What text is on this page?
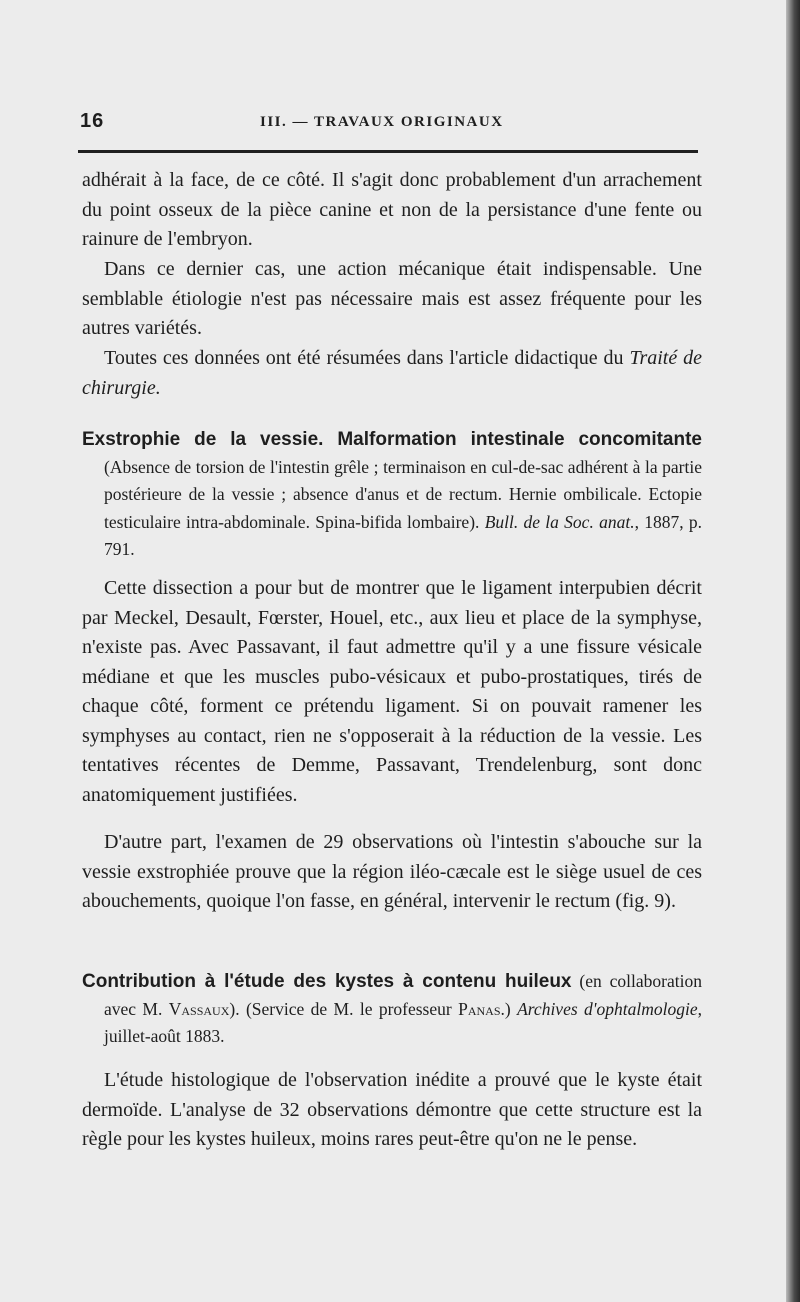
16	III. — TRAVAUX ORIGINAUX

adhérait à la face, de ce côté. Il s'agit donc probablement d'un arrachement du point osseux de la pièce canine et non de la persistance d'une fente ou rainure de l'embryon.

Dans ce dernier cas, une action mécanique était indispensable. Une semblable étiologie n'est pas nécessaire mais est assez fréquente pour les autres variétés.

Toutes ces données ont été résumées dans l'article didactique du Traité de chirurgie.

Exstrophie de la vessie. Malformation intestinale concomitante (Absence de torsion de l'intestin grêle ; terminaison en cul-de-sac adhérent à la partie postérieure de la vessie ; absence d'anus et de rectum. Hernie ombilicale. Ectopie testiculaire intra-abdominale. Spina-bifida lombaire). Bull. de la Soc. anat., 1887, p. 791.

Cette dissection a pour but de montrer que le ligament interpubien décrit par Meckel, Desault, Fœrster, Houel, etc., aux lieu et place de la symphyse, n'existe pas. Avec Passavant, il faut admettre qu'il y a une fissure vésicale médiane et que les muscles pubo-vésicaux et pubo-prostatiques, tirés de chaque côté, forment ce prétendu ligament. Si on pouvait ramener les symphyses au contact, rien ne s'opposerait à la réduction de la vessie. Les tentatives récentes de Demme, Passavant, Trendelenburg, sont donc anatomiquement justifiées.

D'autre part, l'examen de 29 observations où l'intestin s'abouche sur la vessie exstrophiée prouve que la région iléo-cæcale est le siège usuel de ces abouchements, quoique l'on fasse, en général, intervenir le rectum (fig. 9).

Contribution à l'étude des kystes à contenu huileux (en collaboration avec M. Vassaux). (Service de M. le professeur Panas.) Archives d'ophtalmologie, juillet-août 1883.

L'étude histologique de l'observation inédite a prouvé que le kyste était dermoïde. L'analyse de 32 observations démontre que cette structure est la règle pour les kystes huileux, moins rares peut-être qu'on ne le pense.
